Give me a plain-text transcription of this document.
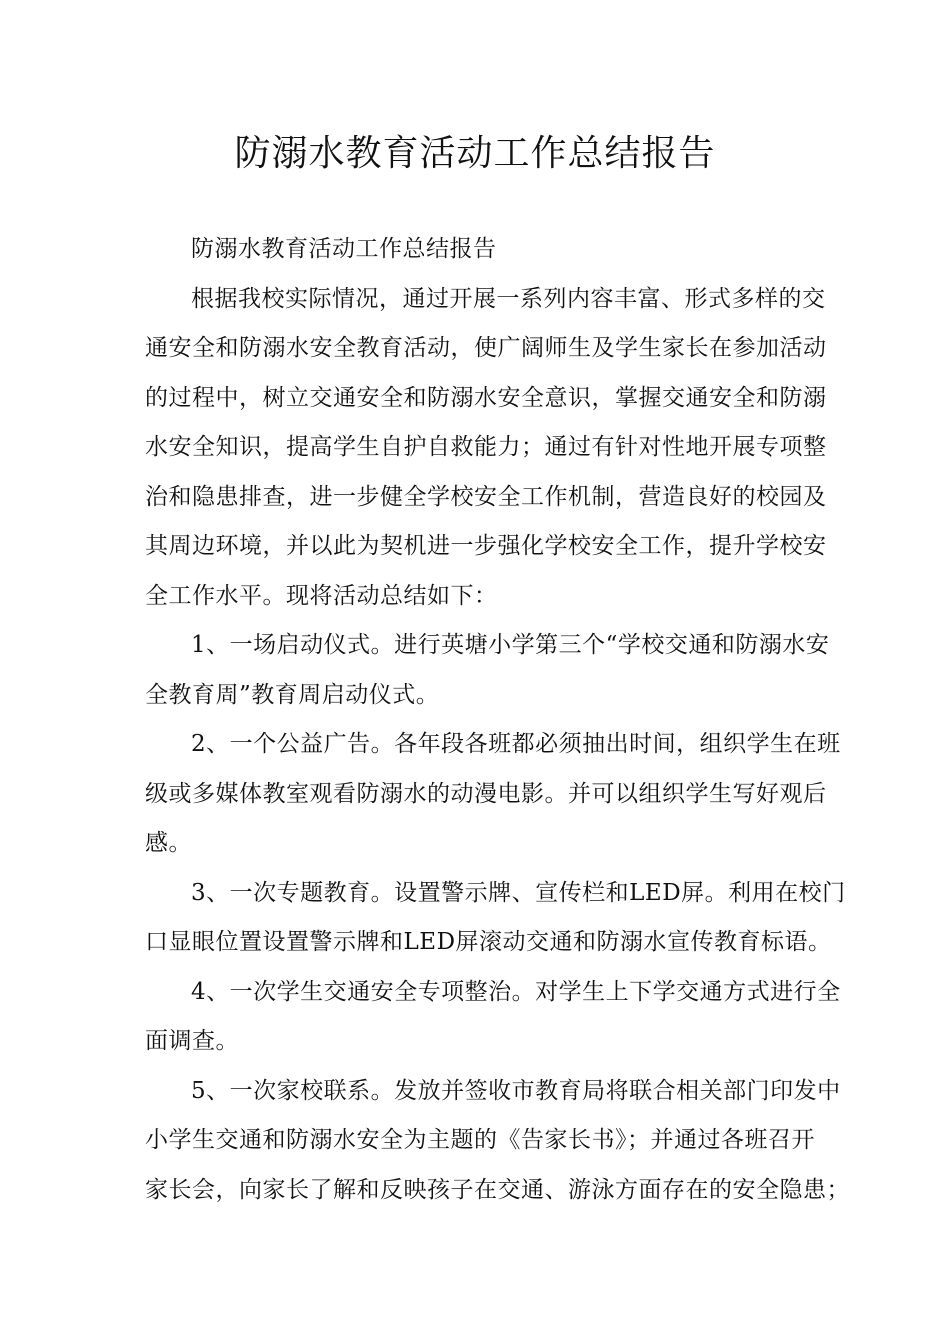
防溺水教育活动工作总结报告
防溺水教育活动工作总结报告
根据我校实际情况，通过开展一系列内容丰富、形式多样的交
通安全和防溺水安全教育活动，使广阔师生及学生家长在参加活动
的过程中，树立交通安全和防溺水安全意识，掌握交通安全和防溺
水安全知识，提高学生自护自救能力；通过有针对性地开展专项整
治和隐患排查，进一步健全学校安全工作机制，营造良好的校园及
其周边环境，并以此为契机进一步强化学校安全工作，提升学校安
全工作水平。现将活动总结如下：
1、一场启动仪式。进行英塘小学第三个“学校交通和防溺水安
全教育周”教育周启动仪式。
2、一个公益广告。各年段各班都必须抽出时间，组织学生在班
级或多媒体教室观看防溺水的动漫电影。并可以组织学生写好观后
感。
3、一次专题教育。设置警示牌、宣传栏和LED屏。利用在校门
口显眼位置设置警示牌和LED屏滚动交通和防溺水宣传教育标语。
4、一次学生交通安全专项整治。对学生上下学交通方式进行全
面调查。
5、一次家校联系。发放并签收市教育局将联合相关部门印发中
小学生交通和防溺水安全为主题的《告家长书》；并通过各班召开
家长会，向家长了解和反映孩子在交通、游泳方面存在的安全隐患；
